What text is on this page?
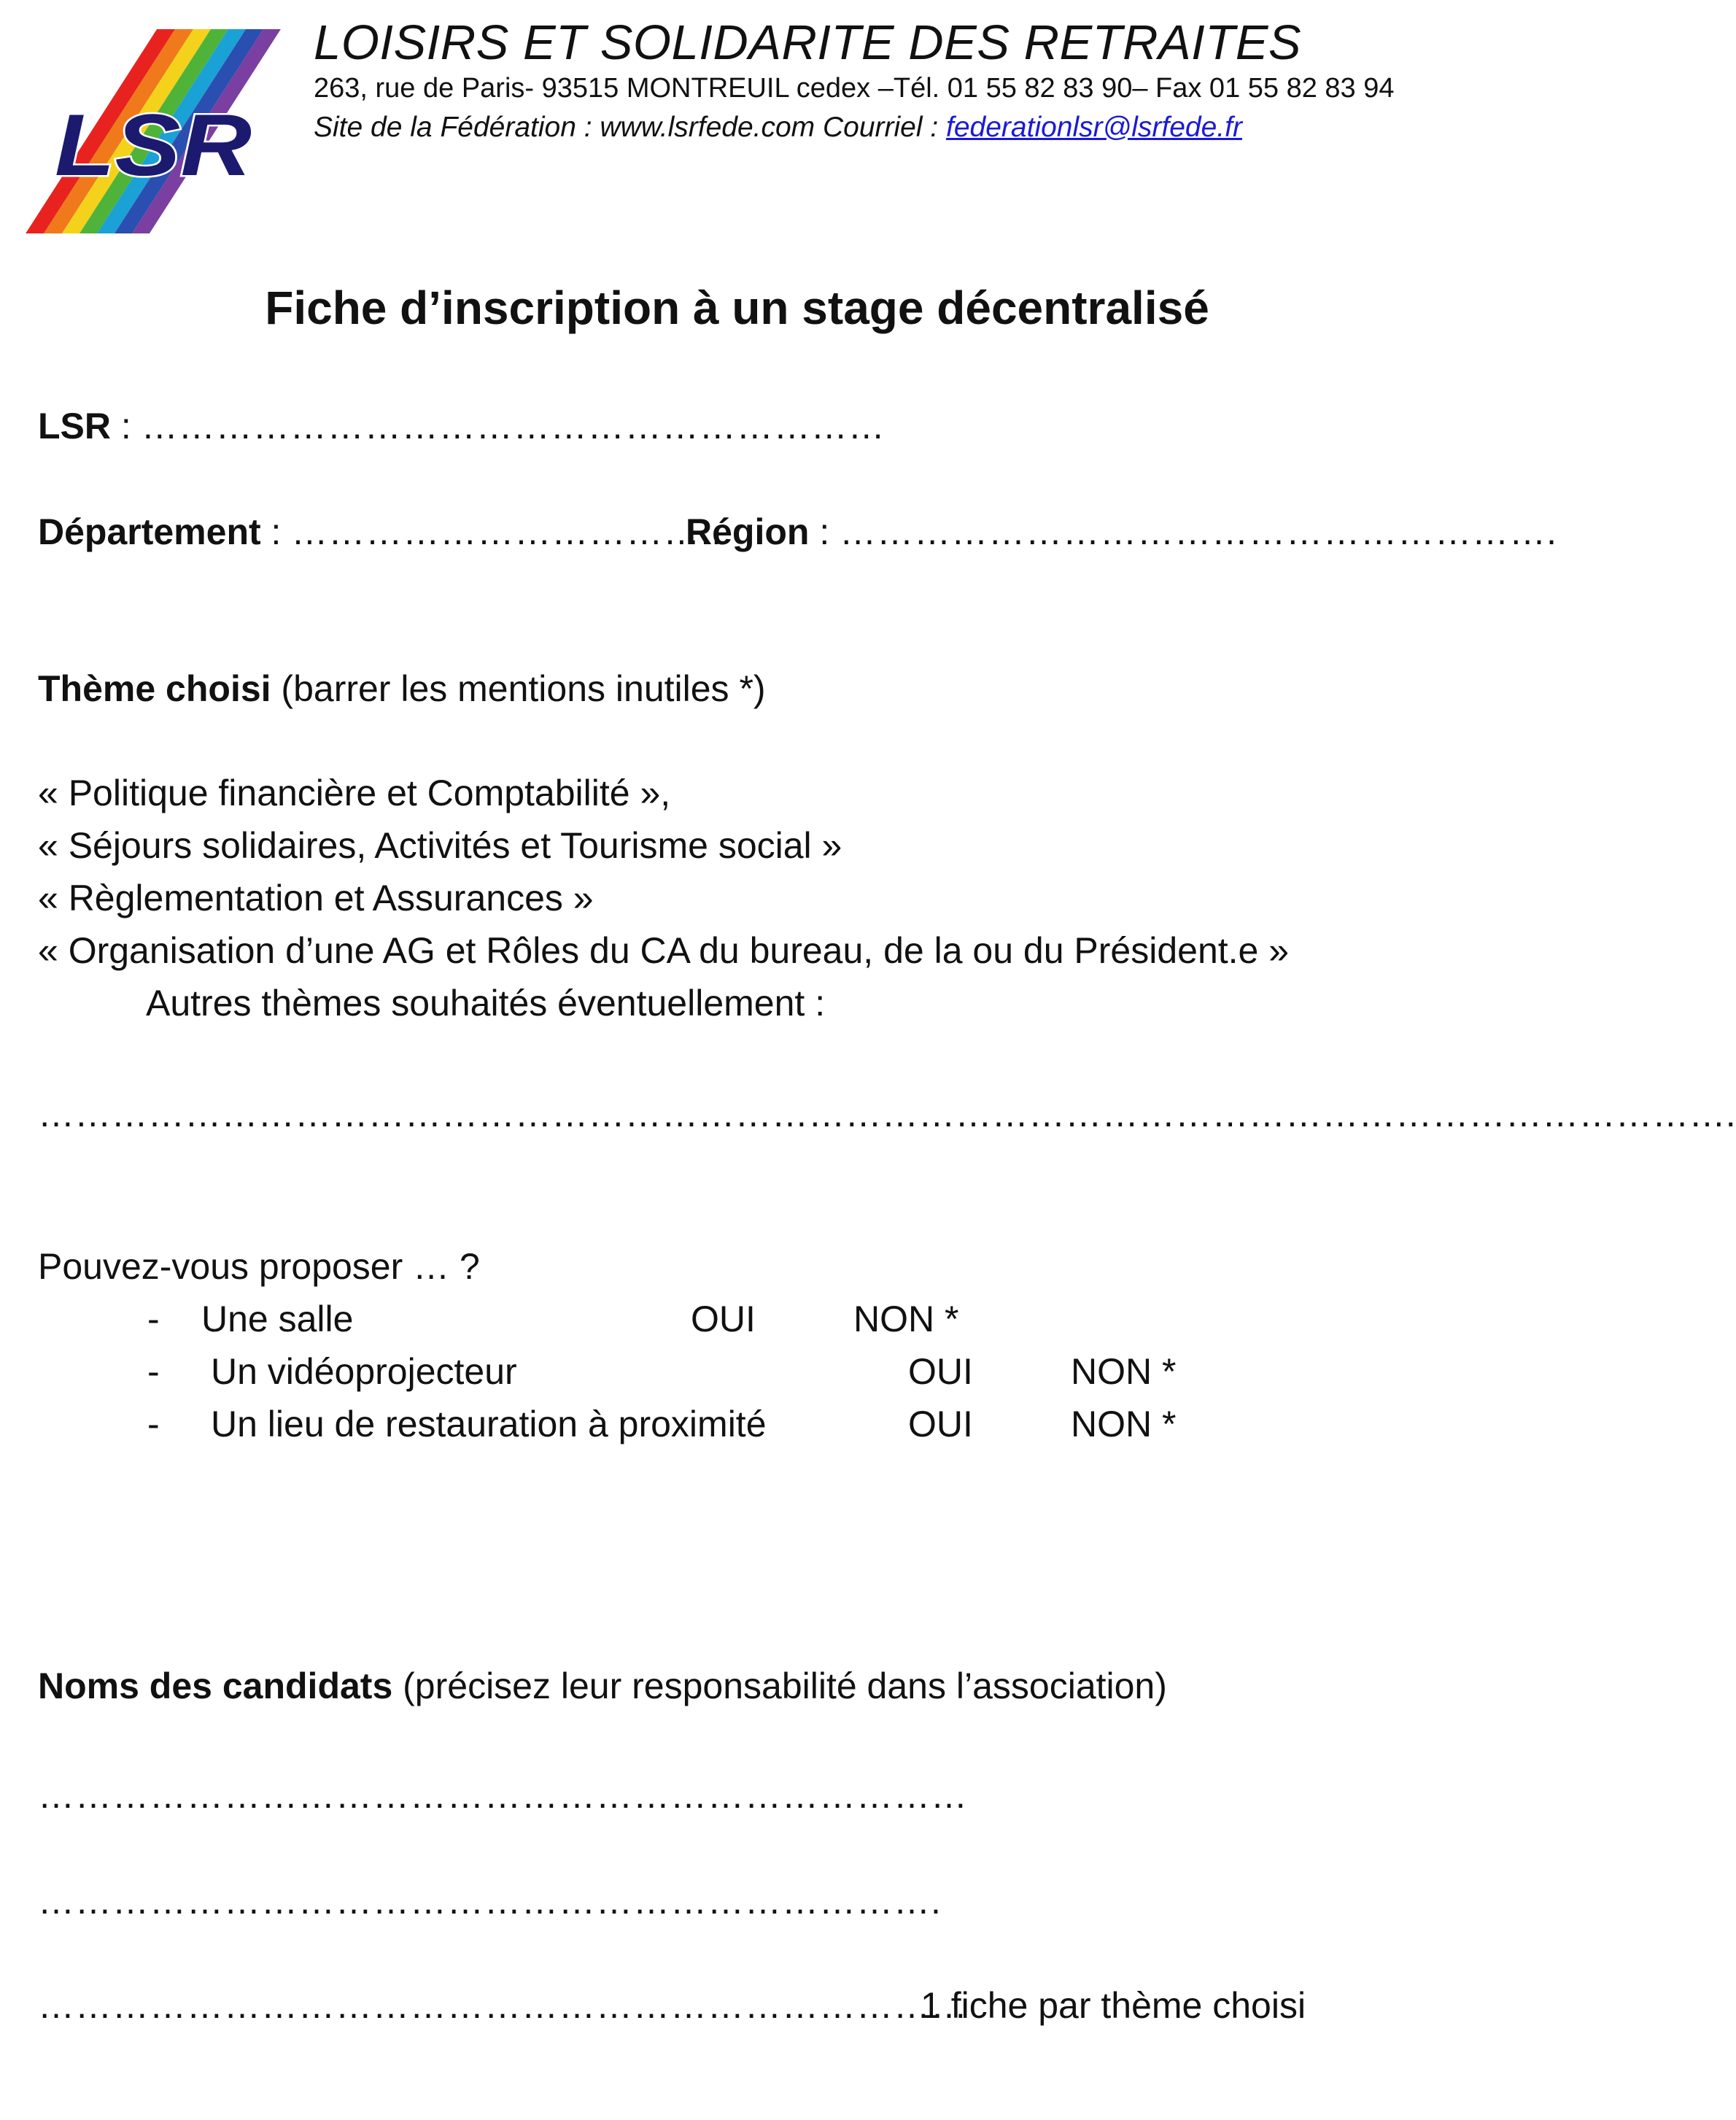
LSR
LOISIRS ET SOLIDARITE DES RETRAITES
263, rue de Paris- 93515 MONTREUIL cedex –Tél. 01 55 82 83 90– Fax 01 55 82 83 94
Site de la Fédération : www.lsrfede.com Courriel : federationlsr@lsrfede.fr
Fiche d’inscription à un stage décentralisé
LSR : ……………………………………………………
Département : ……………………………..
Région : ………………………………………………….
Thème choisi (barrer les mentions inutiles *)
« Politique financière et Comptabilité »,
« Séjours solidaires, Activités et Tourisme social »
« Règlementation et Assurances »
« Organisation d’une AG et Rôles du CA du bureau, de la ou du Président.e »
Autres thèmes souhaités éventuellement :
………………………………………………………………………………………………………………………….
Pouvez-vous proposer … ?
- Une salle	OUI	NON *
- Un vidéoprojecteur	OUI	NON *
- Un lieu de restauration à proximité	OUI	NON *
Noms des candidats (précisez leur responsabilité dans l’association)
…………………………………………………………………
……………………………………………………………….
…………………………………………………………………
1 fiche par thème choisi
